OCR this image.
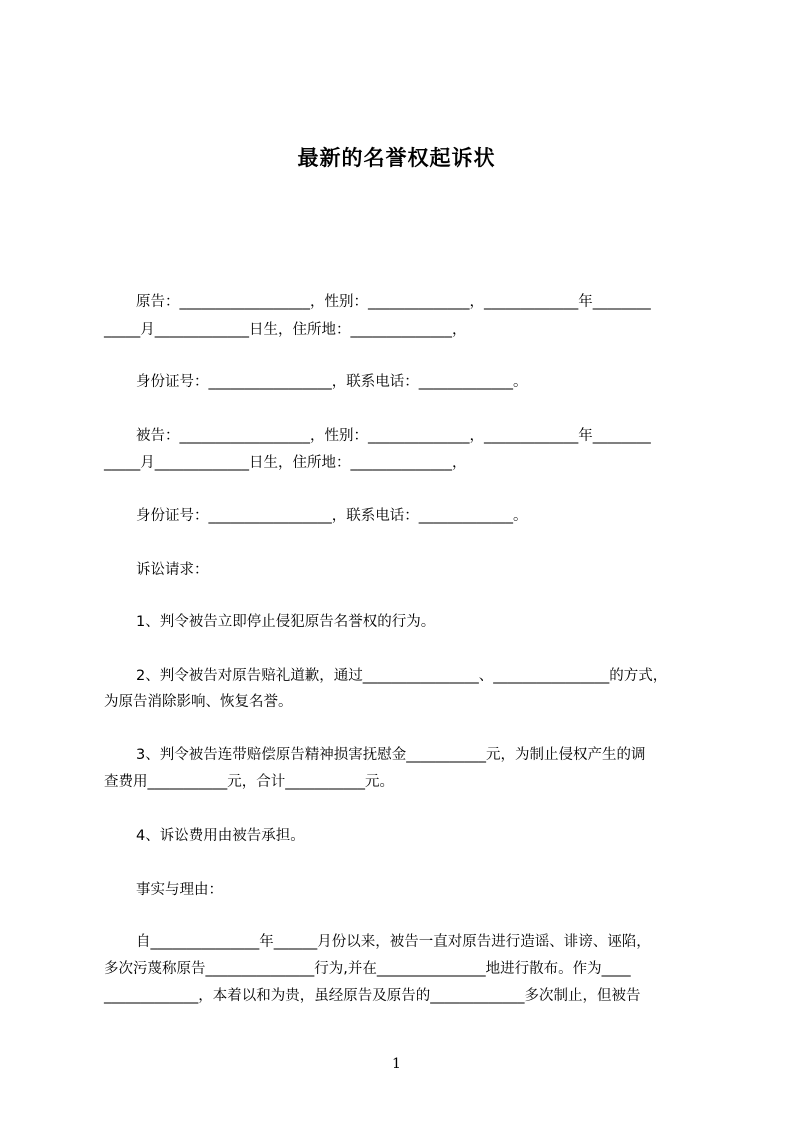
最新的名誉权起诉状
原告：__________________，性别：______________，_____________年________
_____月_____________日生，住所地：______________，
身份证号：_________________，联系电话：_____________。
被告：__________________，性别：______________，_____________年________
_____月_____________日生，住所地：______________，
身份证号：_________________，联系电话：_____________。
诉讼请求：
1、判令被告立即停止侵犯原告名誉权的行为。
2、判令被告对原告赔礼道歉，通过________________、________________的方式，
为原告消除影响、恢复名誉。
3、判令被告连带赔偿原告精神损害抚慰金___________元，为制止侵权产生的调
查费用___________元，合计___________元。
4、诉讼费用由被告承担。
事实与理由：
自_______________年______月份以来，被告一直对原告进行造谣、诽谤、诬陷，
多次污蔑称原告_______________行为,并在_______________地进行散布。作为____
_____________，本着以和为贵，虽经原告及原告的_____________多次制止，但被告
1
